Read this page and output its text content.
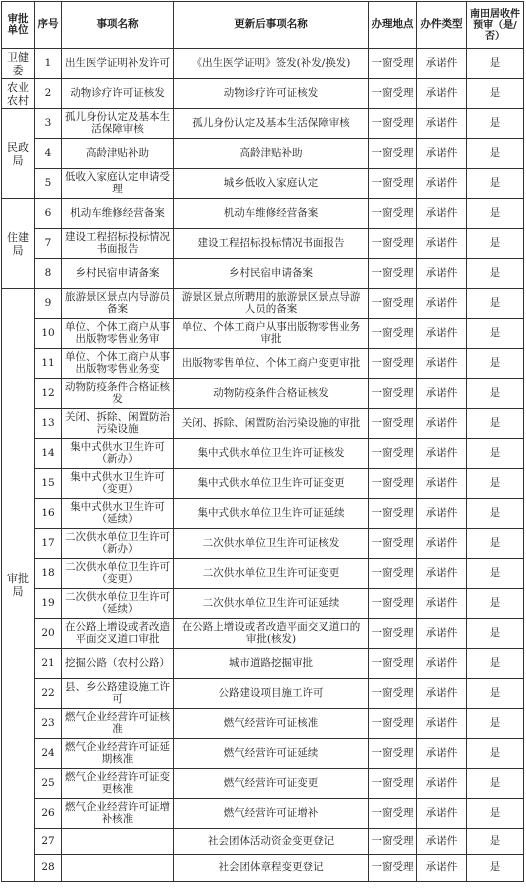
审批单位	序号	事项名称	更新后事项名称	办理地点	办件类型	南田居收件预审（是/否）
卫健委	1	出生医学证明补发许可	《出生医学证明》签发(补发/换发)	一窗受理	承诺件	是
农业农村	2	动物诊疗许可证核发	动物诊疗许可证核发	一窗受理	承诺件	是
民政局	3	孤儿身份认定及基本生活保障审核	孤儿身份认定及基本生活保障审核	一窗受理	承诺件	是
	4	高龄津贴补助	高龄津贴补助	一窗受理	承诺件	是
	5	低收入家庭认定申请受理	城乡低收入家庭认定	一窗受理	承诺件	是
住建局	6	机动车维修经营备案	机动车维修经营备案	一窗受理	承诺件	是
	7	建设工程招标投标情况书面报告	建设工程招标投标情况书面报告	一窗受理	承诺件	是
	8	乡村民宿申请备案	乡村民宿申请备案	一窗受理	承诺件	是
审批局	9	旅游景区景点内导游员备案	游景区景点所聘用的旅游景区景点导游人员的备案	一窗受理	承诺件	是
	10	单位、个体工商户从事出版物零售业务审	单位、个体工商户从事出版物零售业务审批	一窗受理	承诺件	是
	11	单位、个体工商户从事出版物零售业务变	出版物零售单位、个体工商户变更审批	一窗受理	承诺件	是
	12	动物防疫条件合格证核发	动物防疫条件合格证核发	一窗受理	承诺件	是
	13	关闭、拆除、闲置防治污染设施	关闭、拆除、闲置防治污染设施的审批	一窗受理	承诺件	是
	14	集中式供水卫生许可（新办）	集中式供水单位卫生许可证核发	一窗受理	承诺件	是
	15	集中式供水卫生许可（变更）	集中式供水单位卫生许可证变更	一窗受理	承诺件	是
	16	集中式供水卫生许可（延续）	集中式供水单位卫生许可证延续	一窗受理	承诺件	是
	17	二次供水单位卫生许可（新办）	二次供水单位卫生许可证核发	一窗受理	承诺件	是
	18	二次供水单位卫生许可（变更）	二次供水单位卫生许可证变更	一窗受理	承诺件	是
	19	二次供水单位卫生许可（延续）	二次供水单位卫生许可证延续	一窗受理	承诺件	是
	20	在公路上增设或者改造平面交叉道口审批	在公路上增设或者改造平面交叉道口的审批(核发)	一窗受理	承诺件	是
	21	挖掘公路（农村公路）	城市道路挖掘审批	一窗受理	承诺件	是
	22	县、乡公路建设施工许可	公路建设项目施工许可	一窗受理	承诺件	是
	23	燃气企业经营许可证核准	燃气经营许可证核准	一窗受理	承诺件	是
	24	燃气企业经营许可证延期核准	燃气经营许可证延续	一窗受理	承诺件	是
	25	燃气企业经营许可证变更核准	燃气经营许可证变更	一窗受理	承诺件	是
	26	燃气企业经营许可证增补核准	燃气经营许可证增补	一窗受理	承诺件	是
	27		社会团体活动资金变更登记	一窗受理	承诺件	是
	28		社会团体章程变更登记	一窗受理	承诺件	是
